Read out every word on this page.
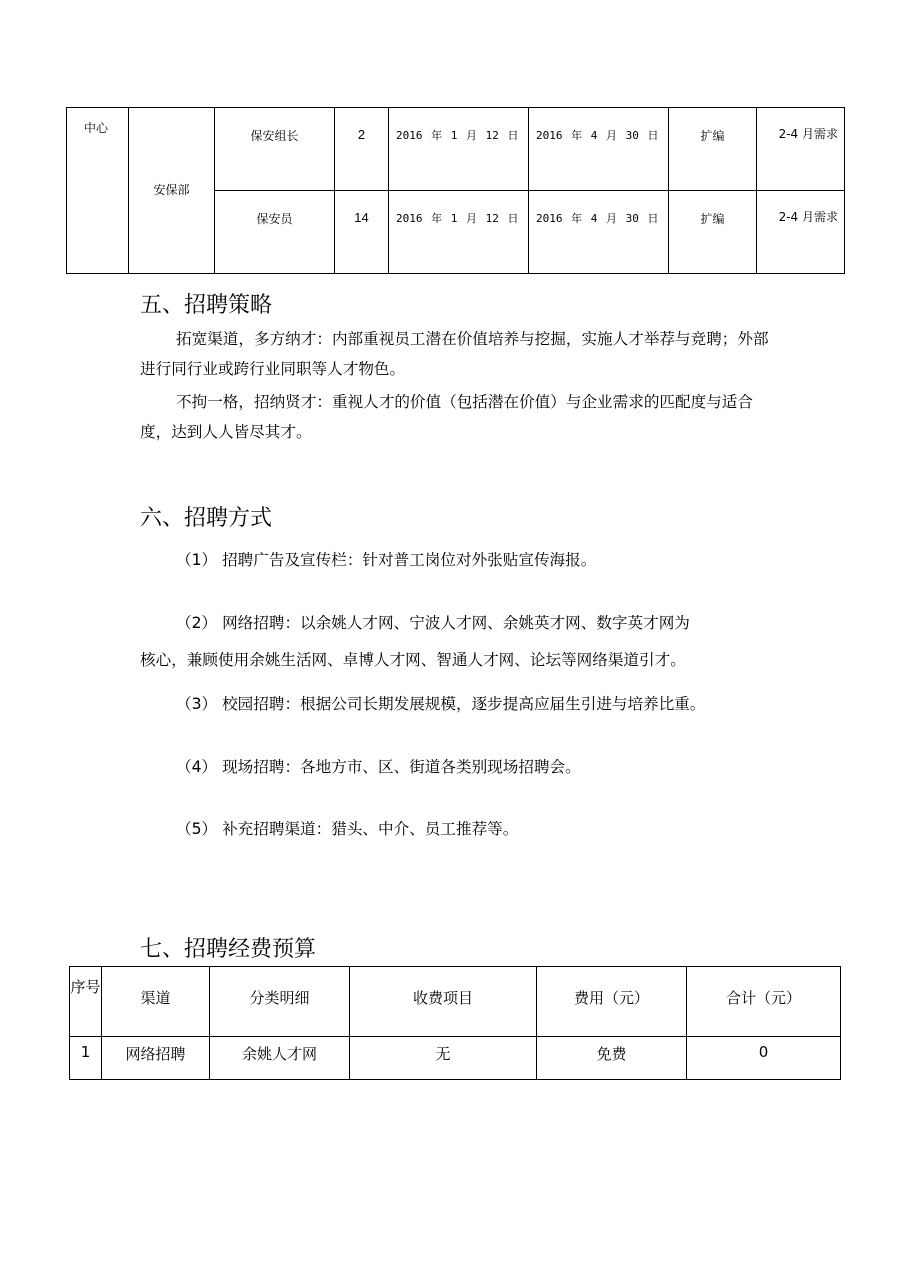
中心	安保部	保安组长	2	2016 年 1 月 12 日	2016 年 4 月 30 日	扩编	2-4 月需求
		保安员	14	2016 年 1 月 12 日	2016 年 4 月 30 日	扩编	2-4 月需求
五、招聘策略

拓宽渠道，多方纳才：内部重视员工潜在价值培养与挖掘，实施人才举荐与竞聘；外部进行同行业或跨行业同职等人才物色。

不拘一格，招纳贤才：重视人才的价值（包括潜在价值）与企业需求的匹配度与适合度，达到人人皆尽其才。

六、招聘方式

（1） 招聘广告及宣传栏：针对普工岗位对外张贴宣传海报。

（2） 网络招聘：以余姚人才网、宁波人才网、余姚英才网、数字英才网为

核心，兼顾使用余姚生活网、卓博人才网、智通人才网、论坛等网络渠道引才。

（3） 校园招聘：根据公司长期发展规模，逐步提高应届生引进与培养比重。

（4） 现场招聘：各地方市、区、街道各类别现场招聘会。

（5） 补充招聘渠道：猎头、中介、员工推荐等。

七、招聘经费预算
序号	渠道	分类明细	收费项目	费用（元）	合计（元）
1	网络招聘	余姚人才网	无	免费	0
